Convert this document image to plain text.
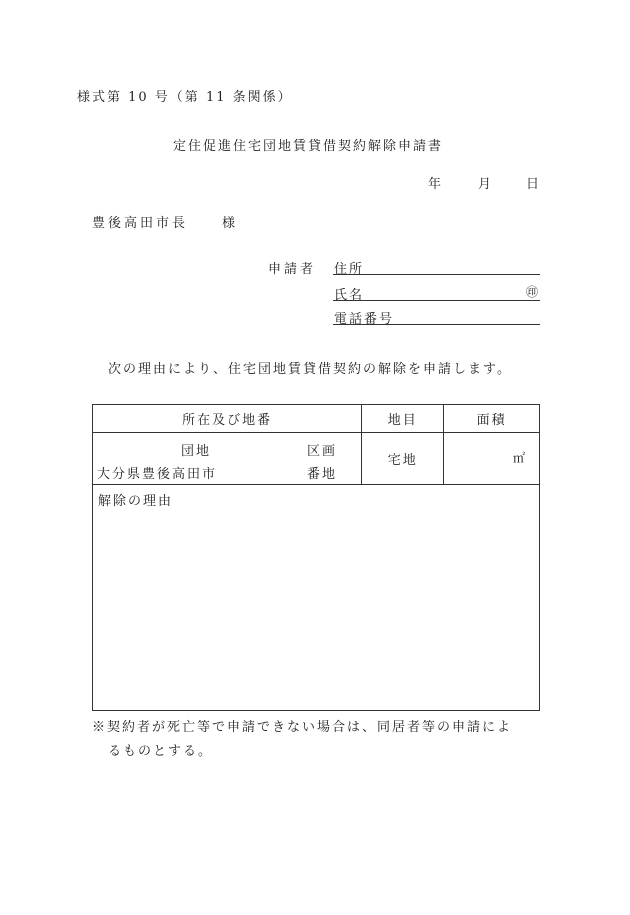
様式第 10 号（第 11 条関係）
定住促進住宅団地賃貸借契約解除申請書
年	月	日
豊後高田市長	様
申請者 住所
氏名	㊞
電話番号
次の理由により、住宅団地賃貸借契約の解除を申請します。
所在及び地番	地目	面積

団地 区画
大分県豊後高田市 番地	宅地	㎡

解除の理由		
※契約者が死亡等で申請できない場合は、同居者等の申請によ
るものとする。
